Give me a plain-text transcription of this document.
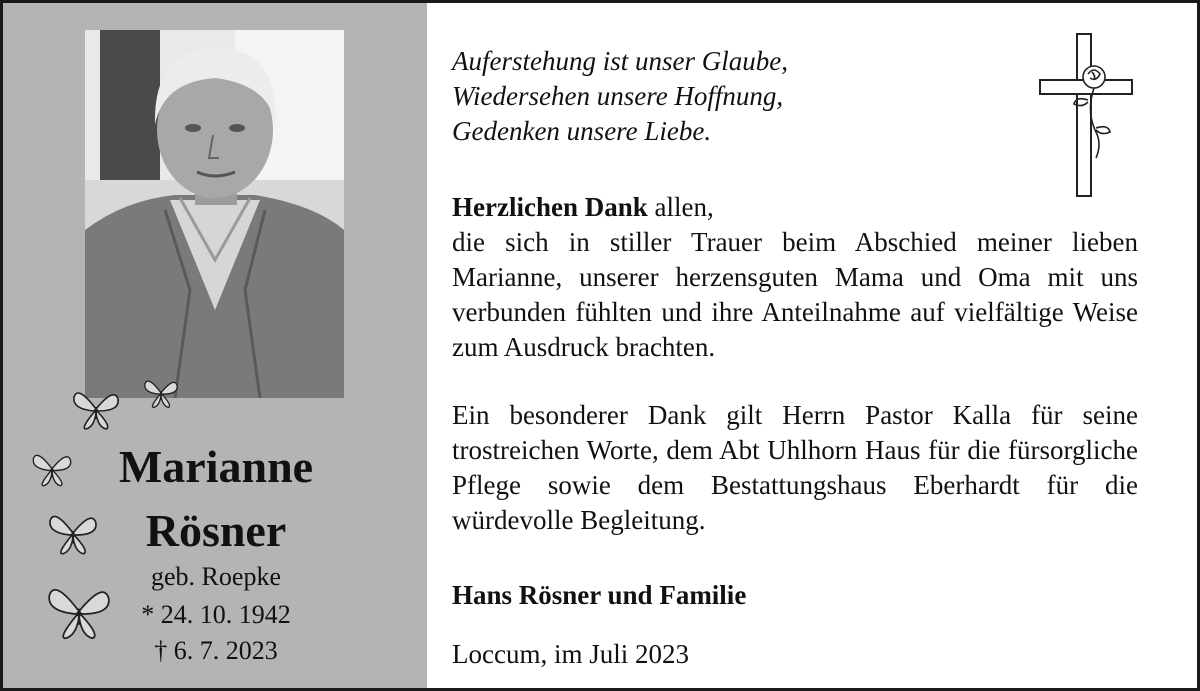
Marianne
Rösner
geb. Roepke
* 24. 10. 1942
† 6. 7. 2023
Auferstehung ist unser Glaube,
Wiedersehen unsere Hoffnung,
Gedenken unsere Liebe.
Herzlichen Dank allen,
die sich in stiller Trauer beim Abschied meiner lieben Marianne, unserer herzensguten Mama und Oma mit uns verbunden fühlten und ihre Anteilnahme auf vielfältige Weise zum Ausdruck brachten.
Ein besonderer Dank gilt Herrn Pastor Kalla für seine trostreichen Worte, dem Abt Uhlhorn Haus für die fürsorgliche Pflege sowie dem Bestattungshaus Eberhardt für die würdevolle Begleitung.
Hans Rösner und Familie
Loccum, im Juli 2023
